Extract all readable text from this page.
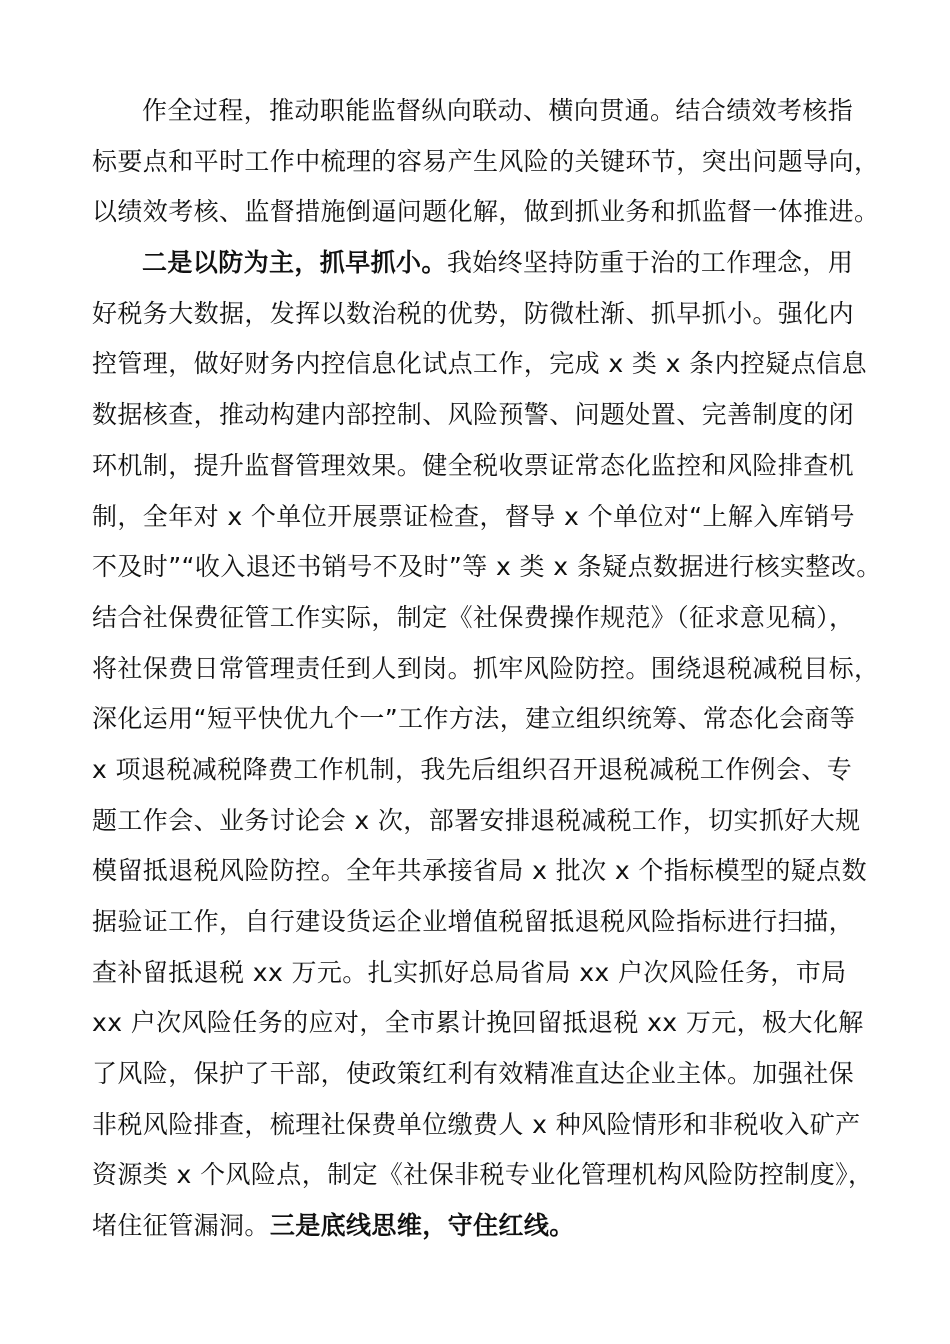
作全过程，推动职能监督纵向联动、横向贯通。结合绩效考核指
标要点和平时工作中梳理的容易产生风险的关键环节，突出问题导向，
以绩效考核、监督措施倒逼问题化解，做到抓业务和抓监督一体推进。
二是以防为主，抓早抓小。我始终坚持防重于治的工作理念，用
好税务大数据，发挥以数治税的优势，防微杜渐、抓早抓小。强化内
控管理，做好财务内控信息化试点工作，完成 x 类 x 条内控疑点信息
数据核查，推动构建内部控制、风险预警、问题处置、完善制度的闭
环机制，提升监督管理效果。健全税收票证常态化监控和风险排查机
制，全年对 x 个单位开展票证检查，督导 x 个单位对“上解入库销号
不及时”“收入退还书销号不及时”等 x 类 x 条疑点数据进行核实整改。
结合社保费征管工作实际，制定《社保费操作规范》（征求意见稿），
将社保费日常管理责任到人到岗。抓牢风险防控。围绕退税减税目标，
深化运用“短平快优九个一”工作方法，建立组织统筹、常态化会商等
x 项退税减税降费工作机制，我先后组织召开退税减税工作例会、专
题工作会、业务讨论会 x 次，部署安排退税减税工作，切实抓好大规
模留抵退税风险防控。全年共承接省局 x 批次 x 个指标模型的疑点数
据验证工作，自行建设货运企业增值税留抵退税风险指标进行扫描，
查补留抵退税 xx 万元。扎实抓好总局省局 xx 户次风险任务，市局
xx 户次风险任务的应对，全市累计挽回留抵退税 xx 万元，极大化解
了风险，保护了干部，使政策红利有效精准直达企业主体。加强社保
非税风险排查，梳理社保费单位缴费人 x 种风险情形和非税收入矿产
资源类 x 个风险点，制定《社保非税专业化管理机构风险防控制度》，
堵住征管漏洞。三是底线思维，守住红线。
